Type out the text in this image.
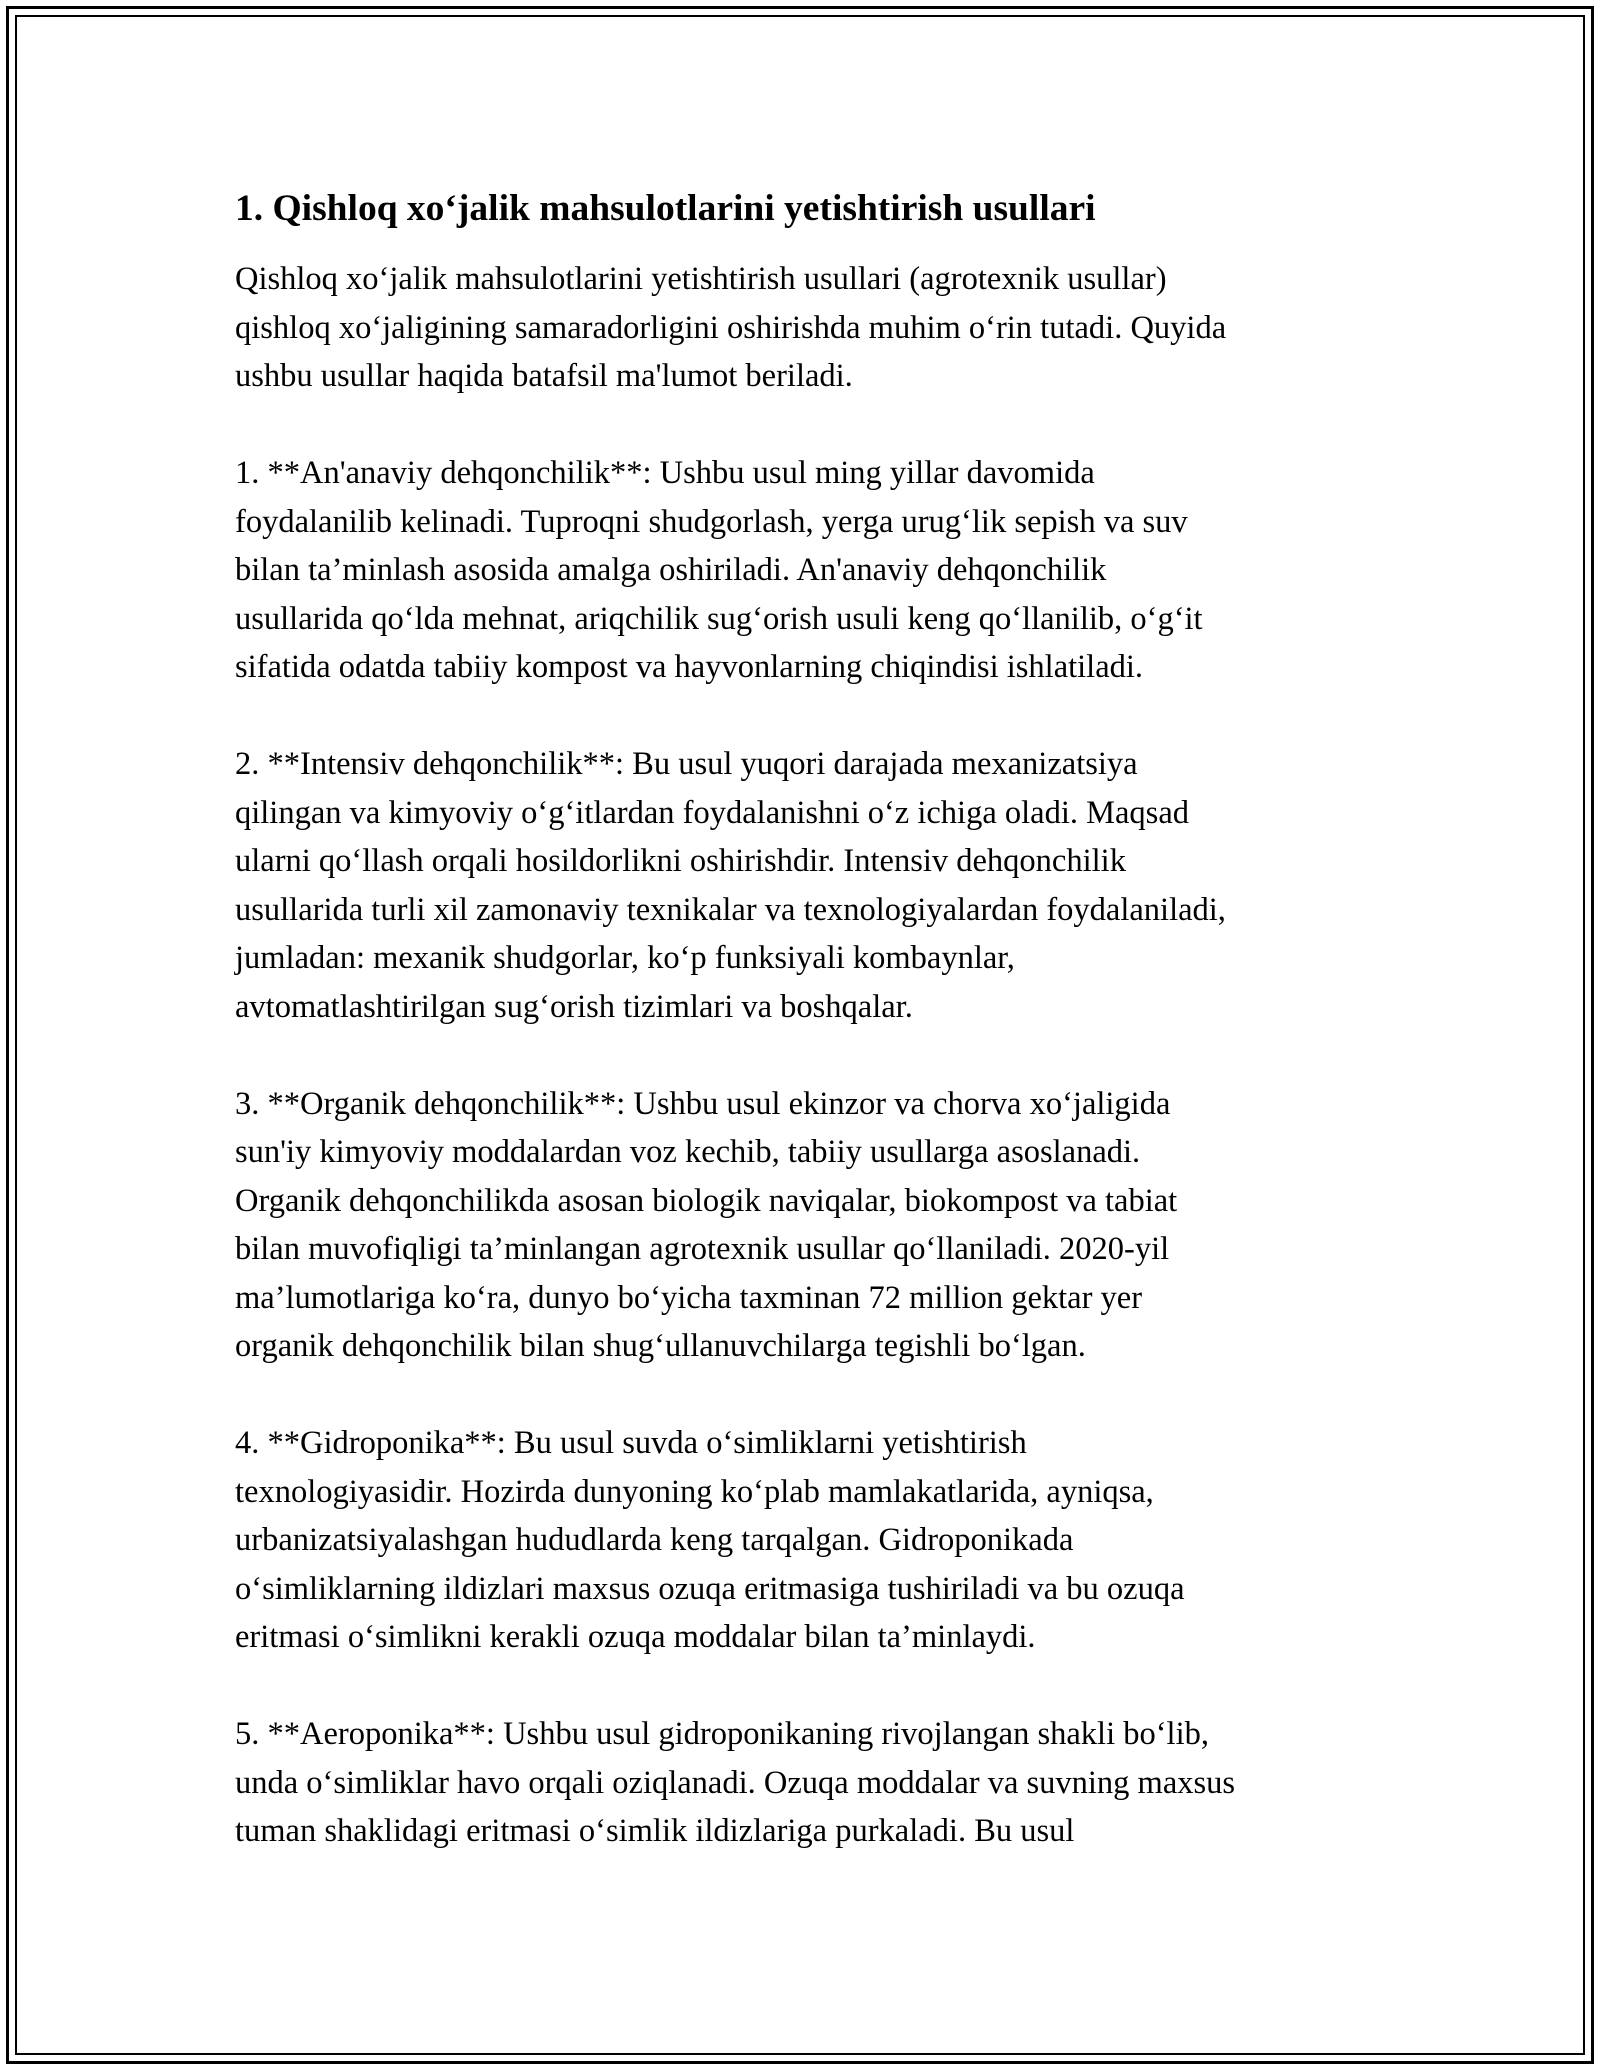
1. Qishloq xo‘jalik mahsulotlarini yetishtirish usullari

Qishloq xo‘jalik mahsulotlarini yetishtirish usullari (agrotexnik usullar)
qishloq xo‘jaligining samaradorligini oshirishda muhim o‘rin tutadi. Quyida
ushbu usullar haqida batafsil ma'lumot beriladi.

1. **An'anaviy dehqonchilik**: Ushbu usul ming yillar davomida
foydalanilib kelinadi. Tuproqni shudgorlash, yerga urug‘lik sepish va suv
bilan ta’minlash asosida amalga oshiriladi. An'anaviy dehqonchilik
usullarida qo‘lda mehnat, ariqchilik sug‘orish usuli keng qo‘llanilib, o‘g‘it
sifatida odatda tabiiy kompost va hayvonlarning chiqindisi ishlatiladi.

2. **Intensiv dehqonchilik**: Bu usul yuqori darajada mexanizatsiya
qilingan va kimyoviy o‘g‘itlardan foydalanishni o‘z ichiga oladi. Maqsad
ularni qo‘llash orqali hosildorlikni oshirishdir. Intensiv dehqonchilik
usullarida turli xil zamonaviy texnikalar va texnologiyalardan foydalaniladi,
jumladan: mexanik shudgorlar, ko‘p funksiyali kombaynlar,
avtomatlashtirilgan sug‘orish tizimlari va boshqalar.

3. **Organik dehqonchilik**: Ushbu usul ekinzor va chorva xo‘jaligida
sun'iy kimyoviy moddalardan voz kechib, tabiiy usullarga asoslanadi.
Organik dehqonchilikda asosan biologik naviqalar, biokompost va tabiat
bilan muvofiqligi ta’minlangan agrotexnik usullar qo‘llaniladi. 2020-yil
ma’lumotlariga ko‘ra, dunyo bo‘yicha taxminan 72 million gektar yer
organik dehqonchilik bilan shug‘ullanuvchilarga tegishli bo‘lgan.

4. **Gidroponika**: Bu usul suvda o‘simliklarni yetishtirish
texnologiyasidir. Hozirda dunyoning ko‘plab mamlakatlarida, ayniqsa,
urbanizatsiyalashgan hududlarda keng tarqalgan. Gidroponikada
o‘simliklarning ildizlari maxsus ozuqa eritmasiga tushiriladi va bu ozuqa
eritmasi o‘simlikni kerakli ozuqa moddalar bilan ta’minlaydi.

5. **Aeroponika**: Ushbu usul gidroponikaning rivojlangan shakli bo‘lib,
unda o‘simliklar havo orqali oziqlanadi. Ozuqa moddalar va suvning maxsus
tuman shaklidagi eritmasi o‘simlik ildizlariga purkaladi. Bu usul
